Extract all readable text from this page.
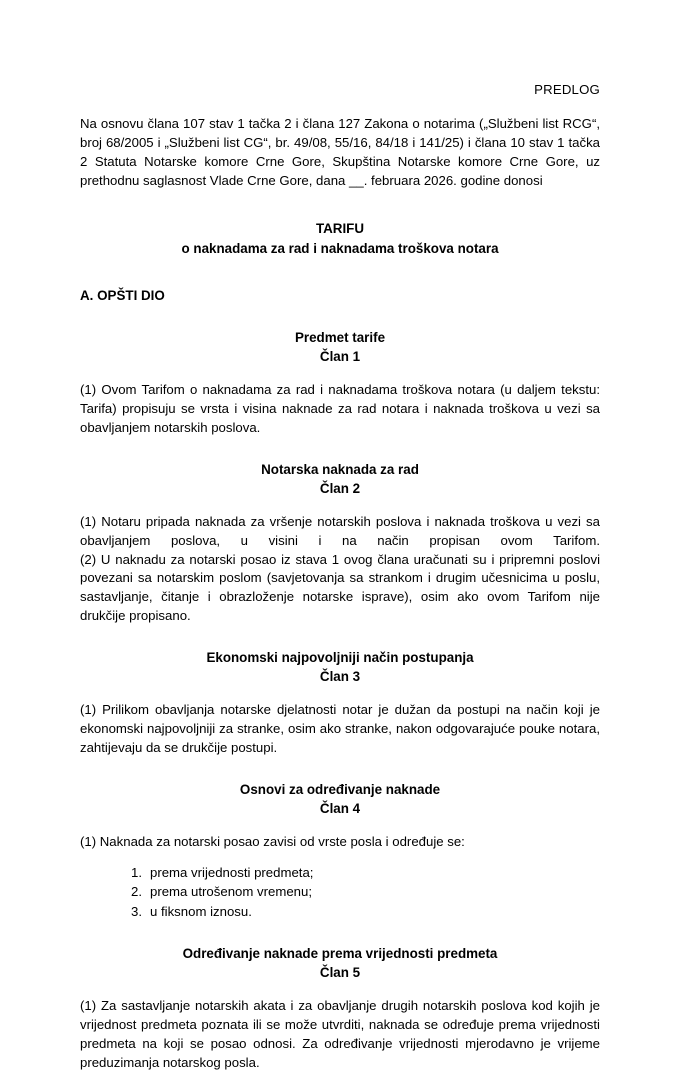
PREDLOG

Na osnovu člana 107 stav 1 tačka 2 i člana 127 Zakona o notarima („Službeni list RCG“, broj 68/2005 i „Službeni list CG“, br. 49/08, 55/16, 84/18 i 141/25) i člana 10 stav 1 tačka 2 Statuta Notarske komore Crne Gore, Skupština Notarske komore Crne Gore, uz prethodnu saglasnost Vlade Crne Gore, dana __. februara 2026. godine donosi

TARIFU
o naknadama za rad i naknadama troškova notara
A. OPŠTI DIO
Predmet tarife
Član 1

(1) Ovom Tarifom o naknadama za rad i naknadama troškova notara (u daljem tekstu: Tarifa) propisuju se vrsta i visina naknade za rad notara i naknada troškova u vezi sa obavljanjem notarskih poslova.

Notarska naknada za rad
Član 2

(1) Notaru pripada naknada za vršenje notarskih poslova i naknada troškova u vezi sa obavljanjem poslova, u visini i na način propisan ovom Tarifom.

(2) U naknadu za notarski posao iz stava 1 ovog člana uračunati su i pripremni poslovi povezani sa notarskim poslom (savjetovanja sa strankom i drugim učesnicima u poslu, sastavljanje, čitanje i obrazloženje notarske isprave), osim ako ovom Tarifom nije drukčije propisano.

Ekonomski najpovoljniji način postupanja
Član 3

(1) Prilikom obavljanja notarske djelatnosti notar je dužan da postupi na način koji je ekonomski najpovoljniji za stranke, osim ako stranke, nakon odgovarajuće pouke notara, zahtijevaju da se drukčije postupi.

Osnovi za određivanje naknade
Član 4

(1) Naknada za notarski posao zavisi od vrste posla i određuje se:

1. prema vrijednosti predmeta;
2. prema utrošenom vremenu;
3. u fiksnom iznosu.
Određivanje naknade prema vrijednosti predmeta
Član 5

(1) Za sastavljanje notarskih akata i za obavljanje drugih notarskih poslova kod kojih je vrijednost predmeta poznata ili se može utvrditi, naknada se određuje prema vrijednosti predmeta na koji se posao odnosi. Za određivanje vrijednosti mjerodavno je vrijeme preduzimanja notarskog posla.
